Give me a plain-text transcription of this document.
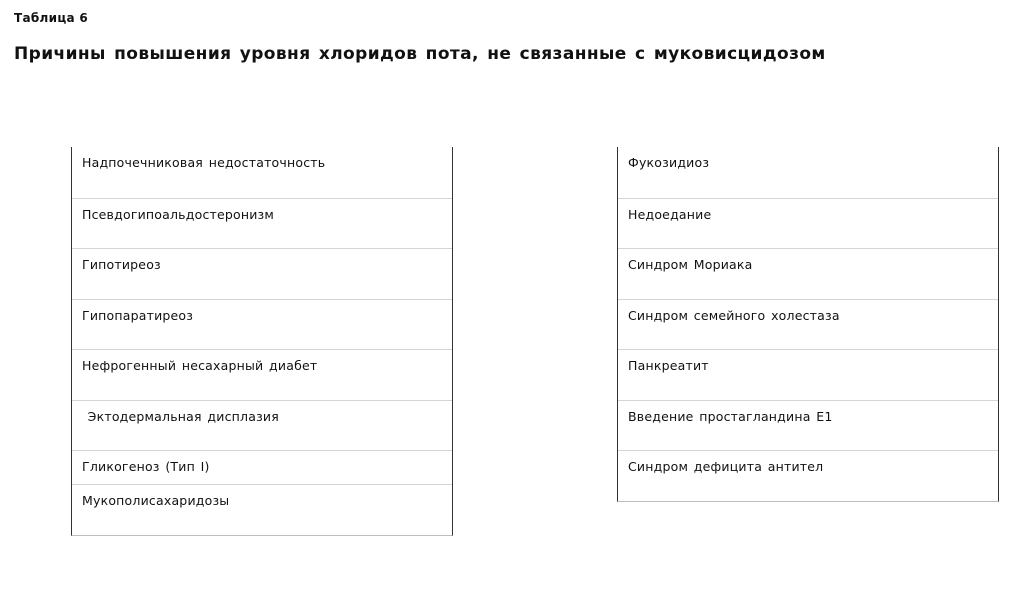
Таблица 6
Причины повышения уровня хлоридов пота, не связанные с муковисцидозом
Надпочечниковая недостаточность
Псевдогипоальдостеронизм
Гипотиреоз
Гипопаратиреоз
Нефрогенный несахарный диабет
Эктодермальная дисплазия
Гликогеноз (Тип I)
Мукополисахаридозы
Фукозидиоз
Недоедание
Синдром Мориака
Синдром семейного холестаза
Панкреатит
Введение простагландина E1
Синдром дефицита антител
